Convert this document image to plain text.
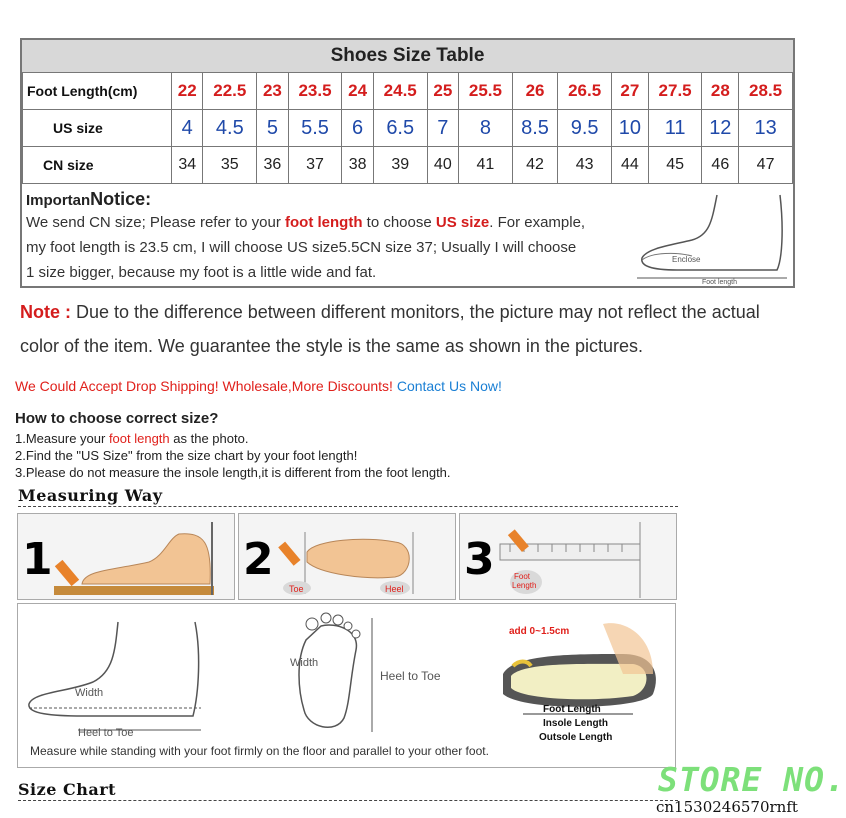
Shoes Size Table
Foot Length(cm)	22	22.5	23	23.5	24	24.5	25	25.5	26	26.5	27	27.5	28	28.5
US size	4	4.5	5	5.5	6	6.5	7	8	8.5	9.5	10	11	12	13
CN size	34	35	36	37	38	39	40	41	42	43	44	45	46	47
ImportanNotice:
We send CN size; Please refer to your foot length to choose US size. For example,
my foot length is 23.5 cm, I will choose US size5.5CN size 37; Usually I will choose
1 size bigger, because my foot is a little wide and fat.
Enclose
Foot length
Note : Due to the difference between different monitors, the picture may not reflect the actual
color of the item. We guarantee the style is the same as shown in the pictures.
We Could Accept Drop Shipping! Wholesale,More Discounts! Contact Us Now!
How to choose correct size?
1.Measure your foot length as the photo.
2.Find the "US Size" from the size chart by your foot length!
3.Please do not measure the insole length,it is different from the foot length.
Measuring Way
1	2
Toe	Heel
3 Foot Length
Width
Heel to Toe
Width
Heel to Toe
add 0~1.5cm
Foot Length
Insole Length
Outsole Length
Measure while standing with your foot firmly on the floor and parallel to your other foot.
Size Chart	STORE NO.
cn1530246570rnft
